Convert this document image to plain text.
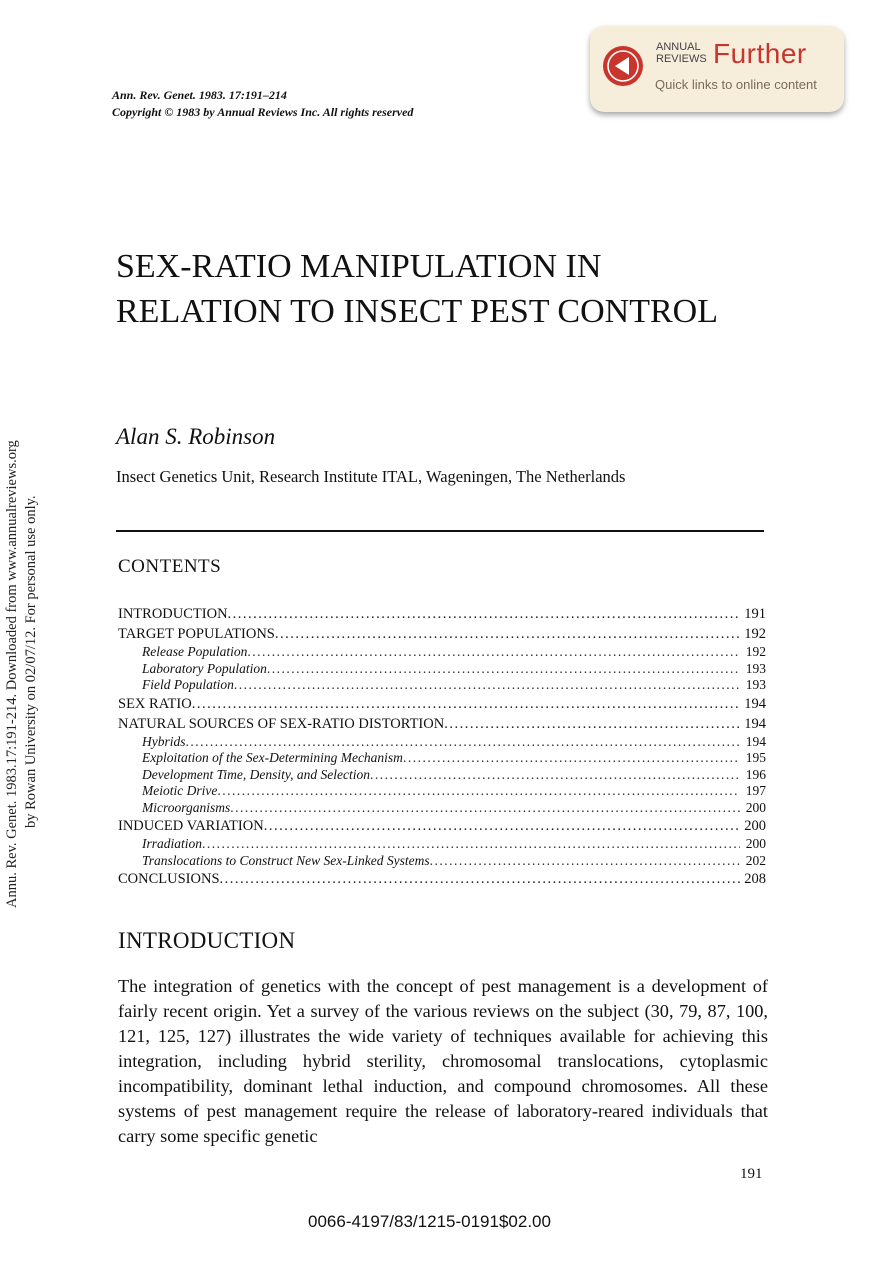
Annu. Rev. Genet. 1983.17:191-214. Downloaded from www.annualreviews.org by Rowan University on 02/07/12. For personal use only.
Ann. Rev. Genet. 1983. 17:191–214
Copyright © 1983 by Annual Reviews Inc. All rights reserved
ANNUAL
REVIEWS Further
Quick links to online content
SEX-RATIO MANIPULATION IN RELATION TO INSECT PEST CONTROL
Alan S. Robinson
Insect Genetics Unit, Research Institute ITAL, Wageningen, The Netherlands
CONTENTS
INTRODUCTION .....	191
TARGET POPULATIONS .....	192
Release Population .....	192
Laboratory Population .....	193
Field Population .....	193
SEX RATIO .....	194
NATURAL SOURCES OF SEX-RATIO DISTORTION .....	194
Hybrids .....	194
Exploitation of the Sex-Determining Mechanism .....	195
Development Time, Density, and Selection .....	196
Meiotic Drive .....	197
Microorganisms .....	200
INDUCED VARIATION .....	200
Irradiation .....	200
Translocations to Construct New Sex-Linked Systems .....	202
CONCLUSIONS .....	208
INTRODUCTION

The integration of genetics with the concept of pest management is a development of fairly recent origin. Yet a survey of the various reviews on the subject (30, 79, 87, 100, 121, 125, 127) illustrates the wide variety of techniques available for achieving this integration, including hybrid sterility, chromosomal translocations, cytoplasmic incompatibility, dominant lethal induction, and compound chromosomes. All these systems of pest management require the release of laboratory-reared individuals that carry some specific genetic

191
0066-4197/83/1215-0191$02.00
